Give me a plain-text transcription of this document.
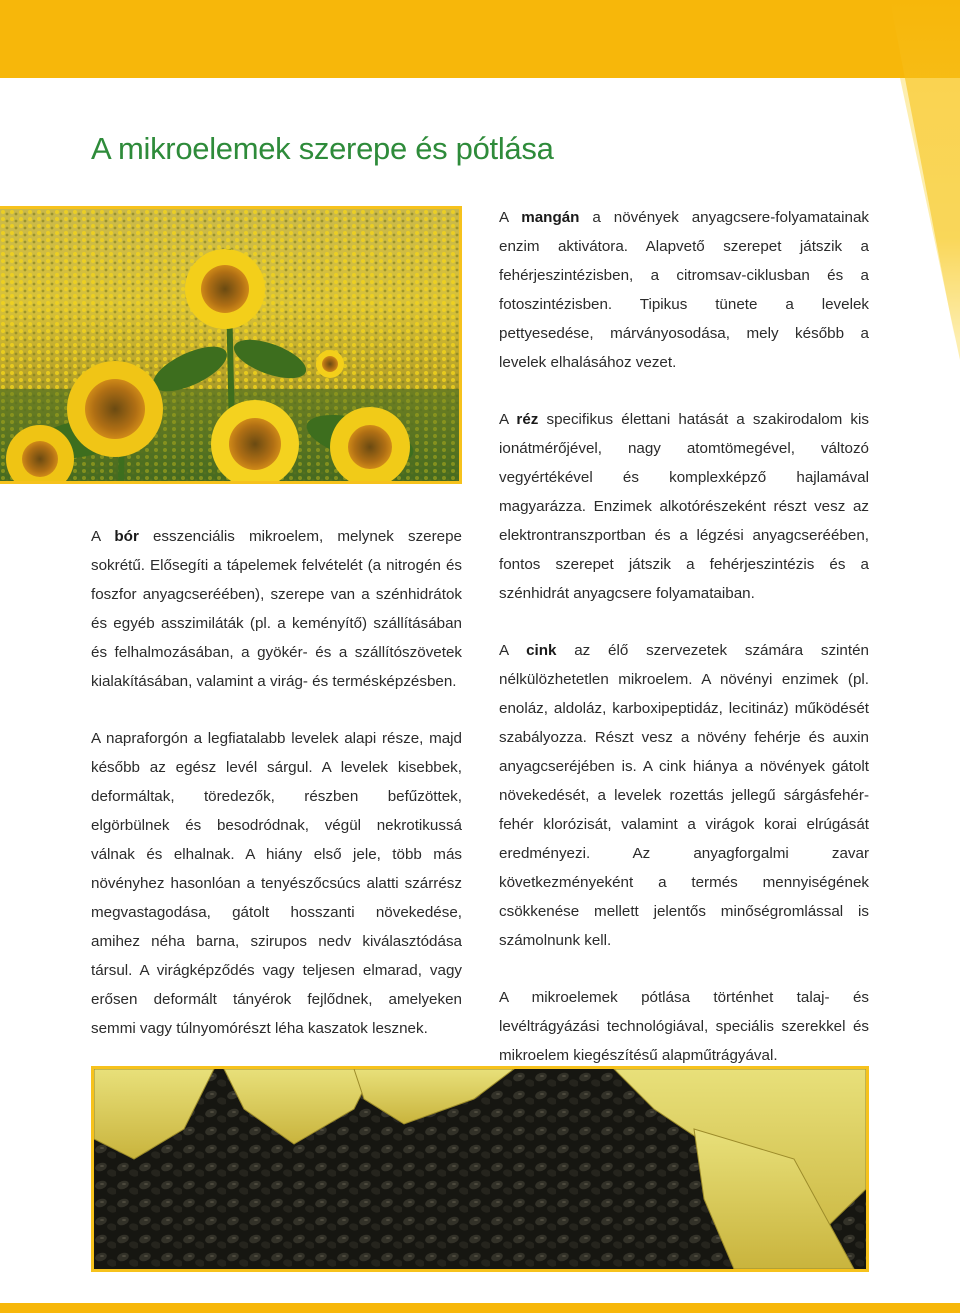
A mikroelemek szerepe és pótlása

A bór esszenciális mikroelem, melynek szerepe sokrétű. Elősegíti a tápelemek felvételét (a nitrogén és foszfor anyagcseréében), szerepe van a szénhidrátok és egyéb asszimiláták (pl. a keményítő) szállításában és felhalmozásában, a gyökér- és a szállítószövetek kialakításában, valamint a virág- és termésképzésben.

A napraforgón a legfiatalabb levelek alapi része, majd később az egész levél sárgul. A levelek kisebbek, deformáltak, töredezők, részben befűzöttek, elgörbülnek és besodródnak, végül nekrotikussá válnak és elhalnak. A hiány első jele, több más növényhez hasonlóan a tenyészőcsúcs alatti szárrész megvastagodása, gátolt hosszanti növekedése, amihez néha barna, szirupos nedv kiválasztódása társul. A virágképződés vagy teljesen elmarad, vagy erősen deformált tányérok fejlődnek, amelyeken semmi vagy túlnyomórészt léha kaszatok lesznek.

A mangán a növények anyagcsere-folyamatainak enzim aktivátora. Alapvető szerepet játszik a fehérjeszintézisben, a citromsav-ciklusban és a fotoszintézisben. Tipikus tünete a levelek pettyesedése, márványosodása, mely később a levelek elhalásához vezet.

A réz specifikus élettani hatását a szakirodalom kis ionátmérőjével, nagy atomtömegével, változó vegyértékével és komplexképző hajlamával magyarázza. Enzimek alkotórészeként részt vesz az elektrontranszportban és a légzési anyagcseréében, fontos szerepet játszik a fehérjeszintézis és a szénhidrát anyagcsere folyamataiban.

A cink az élő szervezetek számára szintén nélkülözhetetlen mikroelem. A növényi enzimek (pl. enoláz, aldoláz, karboxipeptidáz, lecitináz) működését szabályozza. Részt vesz a növény fehérje és auxin anyagcseréjében is. A cink hiánya a növények gátolt növekedését, a levelek rozettás jellegű sárgásfehér-fehér klorózisát, valamint a virágok korai elrúgását eredményezi. Az anyagforgalmi zavar következményeként a termés mennyiségének csökkenése mellett jelentős minőségromlással is számolnunk kell.

A mikroelemek pótlása történhet talaj- és levéltrágyázási technológiával, speciális szerekkel és mikroelem kiegészítésű alapműtrágyával.
